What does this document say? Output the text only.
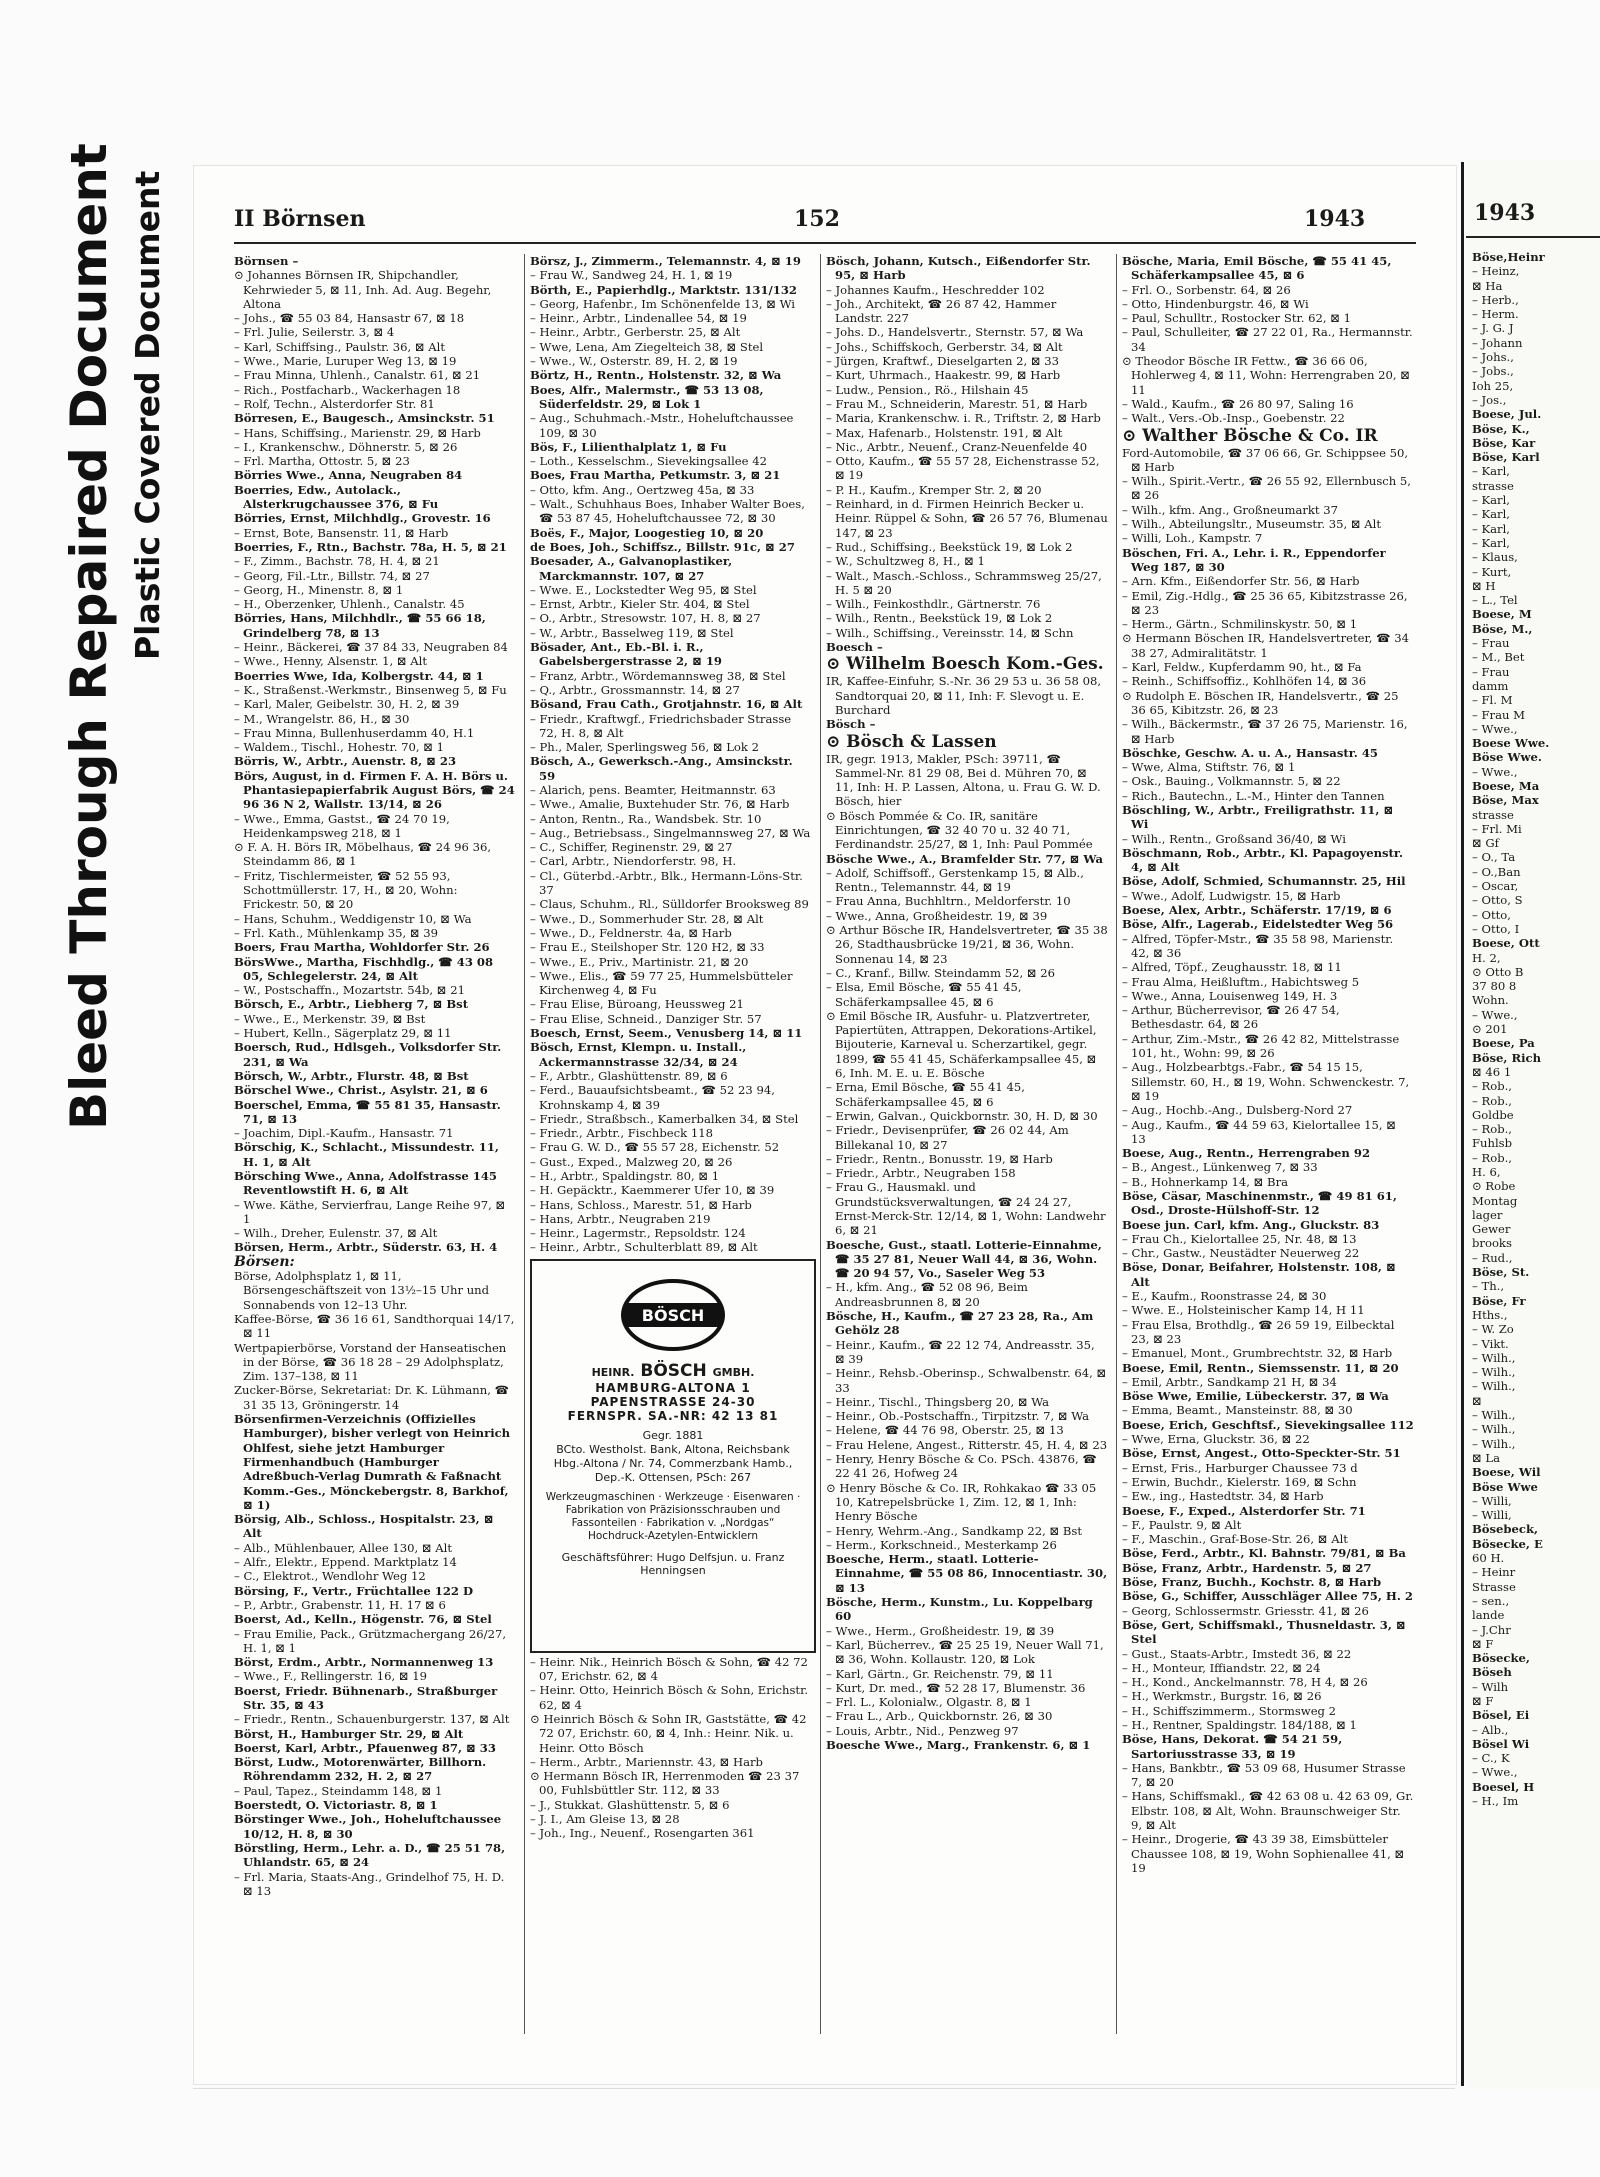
Bleed Through Repaired Document Plastic Covered Document	II Börnsen	152	1943

Börnsen –

⊙ Johannes Börnsen IR, Shipchandler, Kehrwieder 5, ⊠ 11, Inh. Ad. Aug. Begehr, Altona

– Johs., ☎ 55 03 84, Hansastr 67, ⊠ 18

– Frl. Julie, Seilerstr. 3, ⊠ 4

– Karl, Schiffsing., Paulstr. 36, ⊠ Alt

– Wwe., Marie, Luruper Weg 13, ⊠ 19

– Frau Minna, Uhlenh., Canalstr. 61, ⊠ 21

– Rich., Postfacharb., Wackerhagen 18

– Rolf, Techn., Alsterdorfer Str. 81

Börresen, E., Baugesch., Amsinckstr. 51

– Hans, Schiffsing., Marienstr. 29, ⊠ Harb

– I., Krankenschw., Döhnerstr. 5, ⊠ 26

– Frl. Martha, Ottostr. 5, ⊠ 23

Börries Wwe., Anna, Neugraben 84

Boerries, Edw., Autolack., Alsterkrugchaussee 376, ⊠ Fu

Börries, Ernst, Milchhdlg., Grovestr. 16

– Ernst, Bote, Bansenstr. 11, ⊠ Harb

Boerries, F., Rtn., Bachstr. 78a, H. 5, ⊠ 21

– F., Zimm., Bachstr. 78, H. 4, ⊠ 21

– Georg, Fil.-Ltr., Billstr. 74, ⊠ 27

– Georg, H., Minenstr. 8, ⊠ 1

– H., Oberzenker, Uhlenh., Canalstr. 45

Börries, Hans, Milchhdlr., ☎ 55 66 18, Grindelberg 78, ⊠ 13

– Heinr., Bäckerei, ☎ 37 84 33, Neugraben 84

– Wwe., Henny, Alsenstr. 1, ⊠ Alt

Boerries Wwe, Ida, Kolbergstr. 44, ⊠ 1

– K., Straßenst.-Werkmstr., Binsenweg 5, ⊠ Fu

– Karl, Maler, Geibelstr. 30, H. 2, ⊠ 39

– M., Wrangelstr. 86, H., ⊠ 30

– Frau Minna, Bullenhuserdamm 40, H.1

– Waldem., Tischl., Hohestr. 70, ⊠ 1

Börris, W., Arbtr., Auenstr. 8, ⊠ 23

Börs, August, in d. Firmen F. A. H. Börs u. Phantasiepapierfabrik August Börs, ☎ 24 96 36 N 2, Wallstr. 13/14, ⊠ 26

– Wwe., Emma, Gastst., ☎ 24 70 19, Heidenkampsweg 218, ⊠ 1

⊙ F. A. H. Börs IR, Möbelhaus, ☎ 24 96 36, Steindamm 86, ⊠ 1

– Fritz, Tischlermeister, ☎ 52 55 93, Schottmüllerstr. 17, H., ⊠ 20, Wohn: Frickestr. 50, ⊠ 20

– Hans, Schuhm., Weddigenstr 10, ⊠ Wa

– Frl. Kath., Mühlenkamp 35, ⊠ 39

Boers, Frau Martha, Wohldorfer Str. 26

BörsWwe., Martha, Fischhdlg., ☎ 43 08 05, Schlegelerstr. 24, ⊠ Alt

– W., Postschaffn., Mozartstr. 54b, ⊠ 21

Börsch, E., Arbtr., Liebherg 7, ⊠ Bst

– Wwe., E., Merkenstr. 39, ⊠ Bst

– Hubert, Kelln., Sägerplatz 29, ⊠ 11

Boersch, Rud., Hdlsgeh., Volksdorfer Str. 231, ⊠ Wa

Börsch, W., Arbtr., Flurstr. 48, ⊠ Bst

Börschel Wwe., Christ., Asylstr. 21, ⊠ 6

Boerschel, Emma, ☎ 55 81 35, Hansastr. 71, ⊠ 13

– Joachim, Dipl.-Kaufm., Hansastr. 71

Börschig, K., Schlacht., Missundestr. 11, H. 1, ⊠ Alt

Börsching Wwe., Anna, Adolfstrasse 145 Reventlowstift H. 6, ⊠ Alt

– Wwe. Käthe, Servierfrau, Lange Reihe 97, ⊠ 1

– Wilh., Dreher, Eulenstr. 37, ⊠ Alt

Börsen, Herm., Arbtr., Süderstr. 63, H. 4

Börsen:

Börse, Adolphsplatz 1, ⊠ 11, Börsengeschäftszeit von 13½–15 Uhr und Sonnabends von 12–13 Uhr.

Kaffee-Börse, ☎ 36 16 61, Sandthorquai 14/17, ⊠ 11

Wertpapierbörse, Vorstand der Hanseatischen in der Börse, ☎ 36 18 28 – 29 Adolphsplatz, Zim. 137–138, ⊠ 11

Zucker-Börse, Sekretariat: Dr. K. Lühmann, ☎ 31 35 13, Gröningerstr. 14

Börsenfirmen-Verzeichnis (Offizielles Hamburger), bisher verlegt von Heinrich Ohlfest, siehe jetzt Hamburger Firmenhandbuch (Hamburger Adreßbuch-Verlag Dumrath & Faßnacht Komm.-Ges., Mönckebergstr. 8, Barkhof, ⊠ 1)

Börsig, Alb., Schloss., Hospitalstr. 23, ⊠ Alt

– Alb., Mühlenbauer, Allee 130, ⊠ Alt

– Alfr., Elektr., Eppend. Marktplatz 14

– C., Elektrot., Wendlohr Weg 12

Börsing, F., Vertr., Früchtallee 122 D

– P., Arbtr., Grabenstr. 11, H. 17 ⊠ 6

Boerst, Ad., Kelln., Högenstr. 76, ⊠ Stel

– Frau Emilie, Pack., Grützmachergang 26/27, H. 1, ⊠ 1

Börst, Erdm., Arbtr., Normannenweg 13

– Wwe., F., Rellingerstr. 16, ⊠ 19

Boerst, Friedr. Bühnenarb., Straßburger Str. 35, ⊠ 43

– Friedr., Rentn., Schauenburgerstr. 137, ⊠ Alt

Börst, H., Hamburger Str. 29, ⊠ Alt

Boerst, Karl, Arbtr., Pfauenweg 87, ⊠ 33

Börst, Ludw., Motorenwärter, Billhorn. Röhrendamm 232, H. 2, ⊠ 27

– Paul, Tapez., Steindamm 148, ⊠ 1

Boerstedt, O. Victoriastr. 8, ⊠ 1

Börstinger Wwe., Joh., Hoheluftchaussee 10/12, H. 8, ⊠ 30

Börstling, Herm., Lehr. a. D., ☎ 25 51 78, Uhlandstr. 65, ⊠ 24

– Frl. Maria, Staats-Ang., Grindelhof 75, H. D. ⊠ 13

Börsz, J., Zimmerm., Telemannstr. 4, ⊠ 19

– Frau W., Sandweg 24, H. 1, ⊠ 19

Börth, E., Papierhdlg., Marktstr. 131/132

– Georg, Hafenbr., Im Schönenfelde 13, ⊠ Wi

– Heinr., Arbtr., Lindenallee 54, ⊠ 19

– Heinr., Arbtr., Gerberstr. 25, ⊠ Alt

– Wwe, Lena, Am Ziegelteich 38, ⊠ Stel

– Wwe., W., Osterstr. 89, H. 2, ⊠ 19

Börtz, H., Rentn., Holstenstr. 32, ⊠ Wa

Boes, Alfr., Malermstr., ☎ 53 13 08, Süderfeldstr. 29, ⊠ Lok 1

– Aug., Schuhmach.-Mstr., Hoheluftchaussee 109, ⊠ 30

Bös, F., Lilienthalplatz 1, ⊠ Fu

– Loth., Kesselschm., Sievekingsallee 42

Boes, Frau Martha, Petkumstr. 3, ⊠ 21

– Otto, kfm. Ang., Oertzweg 45a, ⊠ 33

– Walt., Schuhhaus Boes, Inhaber Walter Boes, ☎ 53 87 45, Hoheluftchaussee 72, ⊠ 30

Boës, F., Major, Loogestieg 10, ⊠ 20

de Boes, Joh., Schiffsz., Billstr. 91c, ⊠ 27

Boesader, A., Galvanoplastiker, Marckmannstr. 107, ⊠ 27

– Wwe. E., Lockstedter Weg 95, ⊠ Stel

– Ernst, Arbtr., Kieler Str. 404, ⊠ Stel

– O., Arbtr., Stresowstr. 107, H. 8, ⊠ 27

– W., Arbtr., Basselweg 119, ⊠ Stel

Bösader, Ant., Eb.-Bl. i. R., Gabelsbergerstrasse 2, ⊠ 19

– Franz, Arbtr., Wördemannsweg 38, ⊠ Stel

– Q., Arbtr., Grossmannstr. 14, ⊠ 27

Bösand, Frau Cath., Grotjahnstr. 16, ⊠ Alt

– Friedr., Kraftwgf., Friedrichsbader Strasse 72, H. 8, ⊠ Alt

– Ph., Maler, Sperlingsweg 56, ⊠ Lok 2

Bösch, A., Gewerksch.-Ang., Amsinckstr. 59

– Alarich, pens. Beamter, Heitmannstr. 63

– Wwe., Amalie, Buxtehuder Str. 76, ⊠ Harb

– Anton, Rentn., Ra., Wandsbek. Str. 10

– Aug., Betriebsass., Singelmannsweg 27, ⊠ Wa

– C., Schiffer, Reginenstr. 29, ⊠ 27

– Carl, Arbtr., Niendorferstr. 98, H.

– Cl., Güterbd.-Arbtr., Blk., Hermann-Löns-Str. 37

– Claus, Schuhm., Rl., Sülldorfer Brooksweg 89

– Wwe., D., Sommerhuder Str. 28, ⊠ Alt

– Wwe., D., Feldnerstr. 4a, ⊠ Harb

– Frau E., Steilshoper Str. 120 H2, ⊠ 33

– Wwe., E., Priv., Martinistr. 21, ⊠ 20

– Wwe., Elis., ☎ 59 77 25, Hummelsbütteler Kirchenweg 4, ⊠ Fu

– Frau Elise, Büroang, Heussweg 21

– Frau Elise, Schneid., Danziger Str. 57

Boesch, Ernst, Seem., Venusberg 14, ⊠ 11

Bösch, Ernst, Klempn. u. Install., Ackermannstrasse 32/34, ⊠ 24

– F., Arbtr., Glashüttenstr. 89, ⊠ 6

– Ferd., Bauaufsichtsbeamt., ☎ 52 23 94, Krohnskamp 4, ⊠ 39

– Friedr., Straßbsch., Kamerbalken 34, ⊠ Stel

– Friedr., Arbtr., Fischbeck 118

– Frau G. W. D., ☎ 55 57 28, Eichenstr. 52

– Gust., Exped., Malzweg 20, ⊠ 26

– H., Arbtr., Spaldingstr. 80, ⊠ 1

– H. Gepäcktr., Kaemmerer Ufer 10, ⊠ 39

– Hans, Schloss., Marestr. 51, ⊠ Harb

– Hans, Arbtr., Neugraben 219

– Heinr., Lagermstr., Repsoldstr. 124

– Heinr., Arbtr., Schulterblatt 89, ⊠ Alt

– Heinr. Nik., Heinrich Bösch & Sohn, ☎ 42 72 07, Erichstr. 62, ⊠ 4

– Heinr. Otto, Heinrich Bösch & Sohn, Erichstr. 62, ⊠ 4

⊙ Heinrich Bösch & Sohn IR, Gaststätte, ☎ 42 72 07, Erichstr. 60, ⊠ 4, Inh.: Heinr. Nik. u. Heinr. Otto Bösch

– Herm., Arbtr., Mariennstr. 43, ⊠ Harb

⊙ Hermann Bösch IR, Herrenmoden ☎ 23 37 00, Fuhlsbüttler Str. 112, ⊠ 33

– J., Stukkat. Glashüttenstr. 5, ⊠ 6

– J. I., Am Gleise 13, ⊠ 28

– Joh., Ing., Neuenf., Rosengarten 361

Bösch, Johann, Kutsch., Eißendorfer Str. 95, ⊠ Harb

– Johannes Kaufm., Heschredder 102

– Joh., Architekt, ☎ 26 87 42, Hammer Landstr. 227

– Johs. D., Handelsvertr., Sternstr. 57, ⊠ Wa

– Johs., Schiffskoch, Gerberstr. 34, ⊠ Alt

– Jürgen, Kraftwf., Dieselgarten 2, ⊠ 33

– Kurt, Uhrmach., Haakestr. 99, ⊠ Harb

– Ludw., Pension., Rö., Hilshain 45

– Frau M., Schneiderin, Marestr. 51, ⊠ Harb

– Maria, Krankenschw. i. R., Triftstr. 2, ⊠ Harb

– Max, Hafenarb., Holstenstr. 191, ⊠ Alt

– Nic., Arbtr., Neuenf., Cranz-Neuenfelde 40

– Otto, Kaufm., ☎ 55 57 28, Eichenstrasse 52, ⊠ 19

– P. H., Kaufm., Kremper Str. 2, ⊠ 20

– Reinhard, in d. Firmen Heinrich Becker u. Heinr. Rüppel & Sohn, ☎ 26 57 76, Blumenau 147, ⊠ 23

– Rud., Schiffsing., Beekstück 19, ⊠ Lok 2

– W., Schultzweg 8, H., ⊠ 1

– Walt., Masch.-Schloss., Schrammsweg 25/27, H. 5 ⊠ 20

– Wilh., Feinkosthdlr., Gärtnerstr. 76

– Wilh., Rentn., Beekstück 19, ⊠ Lok 2

– Wilh., Schiffsing., Vereinsstr. 14, ⊠ Schn

Boesch –

⊙ Wilhelm Boesch Kom.-Ges.

IR, Kaffee-Einfuhr, S.-Nr. 36 29 53 u. 36 58 08, Sandtorquai 20, ⊠ 11, Inh: F. Slevogt u. E. Burchard

Bösch –

⊙ Bösch & Lassen

IR, gegr. 1913, Makler, PSch: 39711, ☎ Sammel-Nr. 81 29 08, Bei d. Mühren 70, ⊠ 11, Inh: H. P. Lassen, Altona, u. Frau G. W. D. Bösch, hier

⊙ Bösch Pommée & Co. IR, sanitäre Einrichtungen, ☎ 32 40 70 u. 32 40 71, Ferdinandstr. 25/27, ⊠ 1, Inh: Paul Pommée

Bösche Wwe., A., Bramfelder Str. 77, ⊠ Wa

– Adolf, Schiffsoff., Gerstenkamp 15, ⊠ Alb., Rentn., Telemannstr. 44, ⊠ 19

– Frau Anna, Buchhltrn., Meldorferstr. 10

– Wwe., Anna, Großheidestr. 19, ⊠ 39

⊙ Arthur Bösche IR, Handelsvertreter, ☎ 35 38 26, Stadthausbrücke 19/21, ⊠ 36, Wohn. Sonnenau 14, ⊠ 23

– C., Kranf., Billw. Steindamm 52, ⊠ 26

– Elsa, Emil Bösche, ☎ 55 41 45, Schäferkampsallee 45, ⊠ 6

⊙ Emil Bösche IR, Ausfuhr- u. Platzvertreter, Papiertüten, Attrappen, Dekorations-Artikel, Bijouterie, Karneval u. Scherzartikel, gegr. 1899, ☎ 55 41 45, Schäferkampsallee 45, ⊠ 6, Inh. M. E. u. E. Bösche

– Erna, Emil Bösche, ☎ 55 41 45, Schäferkampsallee 45, ⊠ 6

– Erwin, Galvan., Quickbornstr. 30, H. D, ⊠ 30

– Friedr., Devisenprüfer, ☎ 26 02 44, Am Billekanal 10, ⊠ 27

– Friedr., Rentn., Bonusstr. 19, ⊠ Harb

– Friedr., Arbtr., Neugraben 158

– Frau G., Hausmakl. und Grundstücksverwaltungen, ☎ 24 24 27, Ernst-Merck-Str. 12/14, ⊠ 1, Wohn: Landwehr 6, ⊠ 21

Boesche, Gust., staatl. Lotterie-Einnahme, ☎ 35 27 81, Neuer Wall 44, ⊠ 36, Wohn. ☎ 20 94 57, Vo., Saseler Weg 53

– H., kfm. Ang., ☎ 52 08 96, Beim Andreasbrunnen 8, ⊠ 20

Bösche, H., Kaufm., ☎ 27 23 28, Ra., Am Gehölz 28

– Heinr., Kaufm., ☎ 22 12 74, Andreasstr. 35, ⊠ 39

– Heinr., Rehsb.-Oberinsp., Schwalbenstr. 64, ⊠ 33

– Heinr., Tischl., Thingsberg 20, ⊠ Wa

– Heinr., Ob.-Postschaffn., Tirpitzstr. 7, ⊠ Wa

– Helene, ☎ 44 76 98, Oberstr. 25, ⊠ 13

– Frau Helene, Angest., Ritterstr. 45, H. 4, ⊠ 23

– Henry, Henry Bösche & Co. PSch. 43876, ☎ 22 41 26, Hofweg 24

⊙ Henry Bösche & Co. IR, Rohkakao ☎ 33 05 10, Katrepelsbrücke 1, Zim. 12, ⊠ 1, Inh: Henry Bösche

– Henry, Wehrm.-Ang., Sandkamp 22, ⊠ Bst

– Herm., Korkschneid., Mesterkamp 26

Boesche, Herm., staatl. Lotterie-Einnahme, ☎ 55 08 86, Innocentiastr. 30, ⊠ 13

Bösche, Herm., Kunstm., Lu. Koppelbarg 60

– Wwe., Herm., Großheidestr. 19, ⊠ 39

– Karl, Bücherrev., ☎ 25 25 19, Neuer Wall 71, ⊠ 36, Wohn. Kollaustr. 120, ⊠ Lok

– Karl, Gärtn., Gr. Reichenstr. 79, ⊠ 11

– Kurt, Dr. med., ☎ 52 28 17, Blumenstr. 36

– Frl. L., Kolonialw., Olgastr. 8, ⊠ 1

– Frau L., Arb., Quickbornstr. 26, ⊠ 30

– Louis, Arbtr., Nid., Penzweg 97

Boesche Wwe., Marg., Frankenstr. 6, ⊠ 1

Bösche, Maria, Emil Bösche, ☎ 55 41 45, Schäferkampsallee 45, ⊠ 6

– Frl. O., Sorbenstr. 64, ⊠ 26

– Otto, Hindenburgstr. 46, ⊠ Wi

– Paul, Schulltr., Rostocker Str. 62, ⊠ 1

– Paul, Schulleiter, ☎ 27 22 01, Ra., Hermannstr. 34

⊙ Theodor Bösche IR Fettw., ☎ 36 66 06, Hohlerweg 4, ⊠ 11, Wohn: Herrengraben 20, ⊠ 11

– Wald., Kaufm., ☎ 26 80 97, Saling 16

– Walt., Vers.-Ob.-Insp., Goebenstr. 22

⊙ Walther Bösche & Co. IR

Ford-Automobile, ☎ 37 06 66, Gr. Schippsee 50, ⊠ Harb

– Wilh., Spirit.-Vertr., ☎ 26 55 92, Ellernbusch 5, ⊠ 26

– Wilh., kfm. Ang., Großneumarkt 37

– Wilh., Abteilungsltr., Museumstr. 35, ⊠ Alt

– Willi, Loh., Kampstr. 7

Böschen, Fri. A., Lehr. i. R., Eppendorfer Weg 187, ⊠ 30

– Arn. Kfm., Eißendorfer Str. 56, ⊠ Harb

– Emil, Zig.-Hdlg., ☎ 25 36 65, Kibitzstrasse 26, ⊠ 23

– Herm., Gärtn., Schmilinskystr. 50, ⊠ 1

⊙ Hermann Böschen IR, Handelsvertreter, ☎ 34 38 27, Admiralitätstr. 1

– Karl, Feldw., Kupferdamm 90, ht., ⊠ Fa

– Reinh., Schiffsoffiz., Kohlhöfen 14, ⊠ 36

⊙ Rudolph E. Böschen IR, Handelsvertr., ☎ 25 36 65, Kibitzstr. 26, ⊠ 23

– Wilh., Bäckermstr., ☎ 37 26 75, Marienstr. 16, ⊠ Harb

Böschke, Geschw. A. u. A., Hansastr. 45

– Wwe, Alma, Stiftstr. 76, ⊠ 1

– Osk., Bauing., Volkmannstr. 5, ⊠ 22

– Rich., Bautechn., L.-M., Hinter den Tannen

Böschling, W., Arbtr., Freiligrathstr. 11, ⊠ Wi

– Wilh., Rentn., Großsand 36/40, ⊠ Wi

Böschmann, Rob., Arbtr., Kl. Papagoyenstr. 4, ⊠ Alt

Böse, Adolf, Schmied, Schumannstr. 25, Hil

– Wwe., Adolf, Ludwigstr. 15, ⊠ Harb

Boese, Alex, Arbtr., Schäferstr. 17/19, ⊠ 6

Böse, Alfr., Lagerab., Eidelstedter Weg 56

– Alfred, Töpfer-Mstr., ☎ 35 58 98, Marienstr. 42, ⊠ 36

– Alfred, Töpf., Zeughausstr. 18, ⊠ 11

– Frau Alma, Heißluftm., Habichtsweg 5

– Wwe., Anna, Louisenweg 149, H. 3

– Arthur, Bücherrevisor, ☎ 26 47 54, Bethesdastr. 64, ⊠ 26

– Arthur, Zim.-Mstr., ☎ 26 42 82, Mittelstrasse 101, ht., Wohn: 99, ⊠ 26

– Aug., Holzbearbtgs.-Fabr., ☎ 54 15 15, Sillemstr. 60, H., ⊠ 19, Wohn. Schwenckestr. 7, ⊠ 19

– Aug., Hochb.-Ang., Dulsberg-Nord 27

– Aug., Kaufm., ☎ 44 59 63, Kielortallee 15, ⊠ 13

Boese, Aug., Rentn., Herrengraben 92

– B., Angest., Lünkenweg 7, ⊠ 33

– B., Hohnerkamp 14, ⊠ Bra

Böse, Cäsar, Maschinenmstr., ☎ 49 81 61, Osd., Droste-Hülshoff-Str. 12

Boese jun. Carl, kfm. Ang., Gluckstr. 83

– Frau Ch., Kielortallee 25, Nr. 48, ⊠ 13

– Chr., Gastw., Neustädter Neuerweg 22

Böse, Donar, Beifahrer, Holstenstr. 108, ⊠ Alt

– E., Kaufm., Roonstrasse 24, ⊠ 30

– Wwe. E., Holsteinischer Kamp 14, H 11

– Frau Elsa, Brothdlg., ☎ 26 59 19, Eilbecktal 23, ⊠ 23

– Emanuel, Mont., Grumbrechtstr. 32, ⊠ Harb

Boese, Emil, Rentn., Siemssenstr. 11, ⊠ 20

– Emil, Arbtr., Sandkamp 21 H, ⊠ 34

Böse Wwe, Emilie, Lübeckerstr. 37, ⊠ Wa

– Emma, Beamt., Mansteinstr. 88, ⊠ 30

Boese, Erich, Geschftsf., Sievekingsallee 112

– Wwe, Erna, Gluckstr. 36, ⊠ 22

Böse, Ernst, Angest., Otto-Speckter-Str. 51

– Ernst, Fris., Harburger Chaussee 73 d

– Erwin, Buchdr., Kielerstr. 169, ⊠ Schn

– Ew., ing., Hastedtstr. 34, ⊠ Harb

Boese, F., Exped., Alsterdorfer Str. 71

– F., Paulstr. 9, ⊠ Alt

– F., Maschin., Graf-Bose-Str. 26, ⊠ Alt

Böse, Ferd., Arbtr., Kl. Bahnstr. 79/81, ⊠ Ba

Böse, Franz, Arbtr., Hardenstr. 5, ⊠ 27

Böse, Franz, Buchh., Kochstr. 8, ⊠ Harb

Böse, G., Schiffer, Ausschläger Allee 75, H. 2

– Georg, Schlossermstr. Griesstr. 41, ⊠ 26

Böse, Gert, Schiffsmakl., Thusneldastr. 3, ⊠ Stel

– Gust., Staats-Arbtr., Imstedt 36, ⊠ 22

– H., Monteur, Iffiandstr. 22, ⊠ 24

– H., Kond., Anckelmannstr. 78, H 4, ⊠ 26

– H., Werkmstr., Burgstr. 16, ⊠ 26

– H., Schiffszimmerm., Stormsweg 2

– H., Rentner, Spaldingstr. 184/188, ⊠ 1

Böse, Hans, Dekorat. ☎ 54 21 59, Sartoriusstrasse 33, ⊠ 19

– Hans, Bankbtr., ☎ 53 09 68, Husumer Strasse 7, ⊠ 20

– Hans, Schiffsmakl., ☎ 42 63 08 u. 42 63 09, Gr. Elbstr. 108, ⊠ Alt, Wohn. Braunschweiger Str. 9, ⊠ Alt

– Heinr., Drogerie, ☎ 43 39 38, Eimsbütteler Chaussee 108, ⊠ 19, Wohn Sophienallee 41, ⊠ 19

BÖSCH
HEINR. BÖSCH GMBH.
HAMBURG-ALTONA 1
PAPENSTRASSE 24-30
FERNSPR. SA.-NR: 42 13 81
Gegr. 1881
BCto. Westholst. Bank, Altona, Reichsbank Hbg.-Altona / Nr. 74, Commerzbank Hamb., Dep.-K. Ottensen, PSch: 267
Werkzeugmaschinen · Werkzeuge · Eisenwaren · Fabrikation von Präzisionsschrauben und Fassonteilen · Fabrikation v. „Nordgas“ Hochdruck-Azetylen-Entwicklern
Geschäftsführer: Hugo Delfsjun. u. Franz Henningsen
1943

Böse,Heinr

– Heinz,

⊠ Ha

– Herb.,

– Herm.

– J. G. J

– Johann

– Johs.,

– Jobs.,

Ioh 25,

– Jos.,

Boese, Jul.

Böse, K.,

Böse, Kar

Böse, Karl

– Karl,

strasse

– Karl,

– Karl,

– Karl,

– Karl,

– Klaus,

– Kurt,

⊠ H

– L., Tel

Boese, M

Böse, M.,

– Frau

– M., Bet

– Frau

damm

– Fl. M

– Frau M

– Wwe.,

Boese Wwe.

Böse Wwe.

– Wwe.,

Boese, Ma

Böse, Max

strasse

– Frl. Mi

⊠ Gf

– O., Ta

– O.,Ban

– Oscar,

– Otto, S

– Otto,

– Otto, I

Boese, Ott

H. 2,

⊙ Otto B

37 80 8

Wohn.

– Wwe.,

⊙ 201

Boese, Pa

Böse, Rich

⊠ 46 1

– Rob.,

– Rob.,

Goldbe

– Rob.,

Fuhlsb

– Rob.,

H. 6,

⊙ Robe

Montag

lager

Gewer

brooks

– Rud.,

Böse, St.

– Th.,

Böse, Fr

Hths.,

– W. Zo

– Vikt.

– Wilh.,

– Wilh.,

– Wilh.,

⊠

– Wilh.,

– Wilh.,

– Wilh.,

⊠ La

Boese, Wil

Böse Wwe

– Willi,

– Willi,

Bösebeck,

Bösecke, E

60 H.

– Heinr

Strasse

– sen.,

lande

– J.Chr

⊠ F

Bösecke,

Böseh

– Wilh

⊠ F

Bösel, Ei

– Alb.,

Bösel Wi

– C., K

– Wwe.,

Boesel, H

– H., Im
